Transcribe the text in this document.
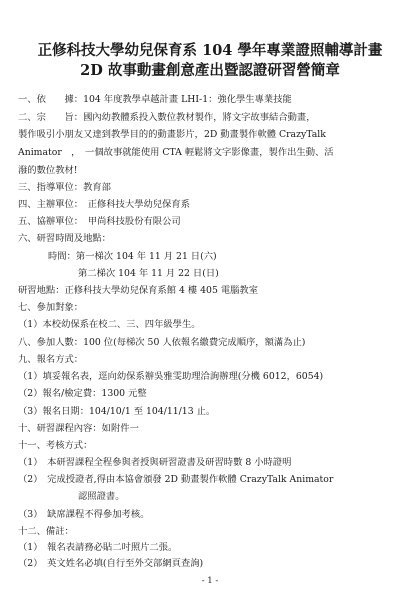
正修科技大學幼兒保育系 104 學年專業證照輔導計畫
2D 故事動畫創意產出暨認證研習營簡章
一、依　　據：104 年度教學卓越計畫 LHI-1：強化學生專業技能
二、宗　　旨：國內幼教體系投入數位教材製作，將文字故事結合動畫，
製作吸引小朋友又達到教學目的的動畫影片，2D 動畫製作軟體 CrazyTalk
Animator　，　一個故事就能使用 CTA 輕鬆將文字影像畫，製作出生動、活
潑的數位教材!
三、指導單位：教育部
四、主辦單位：　正修科技大學幼兒保育系
五、協辦單位：　甲尚科技股份有限公司
六、研習時間及地點：
時間：第一梯次 104 年 11 月 21 日(六)
第二梯次 104 年 11 月 22 日(日)
研習地點：正修科技大學幼兒保育系館 4 樓 405 電腦教室
七、參加對象：
（1）本校幼保系在校二、三、四年級學生。
八、參加人數：100 位(每梯次 50 人依報名繳費完成順序，額滿為止)
九、報名方式：
（1）填妥報名表，逕向幼保系辦吳雅雯助理洽詢辦理(分機 6012，6054)
（2）報名/檢定費：1300 元整
（3）報名日期：104/10/1 至 104/11/13 止。
十、研習課程內容：如附件一
十一、考核方式：
（1）　本研習課程全程參與者授與研習證書及研習時數 8 小時證明
（2）　完成授證者,得由本協會頒發 2D 動畫製作軟體 CrazyTalk Animator
認照證書。
（3）　缺席課程不得參加考核。
十二、備註：
（1）　報名表請務必貼二吋照片二張。
（2）　英文姓名必填(自行至外交部網頁查詢)
- 1 -
